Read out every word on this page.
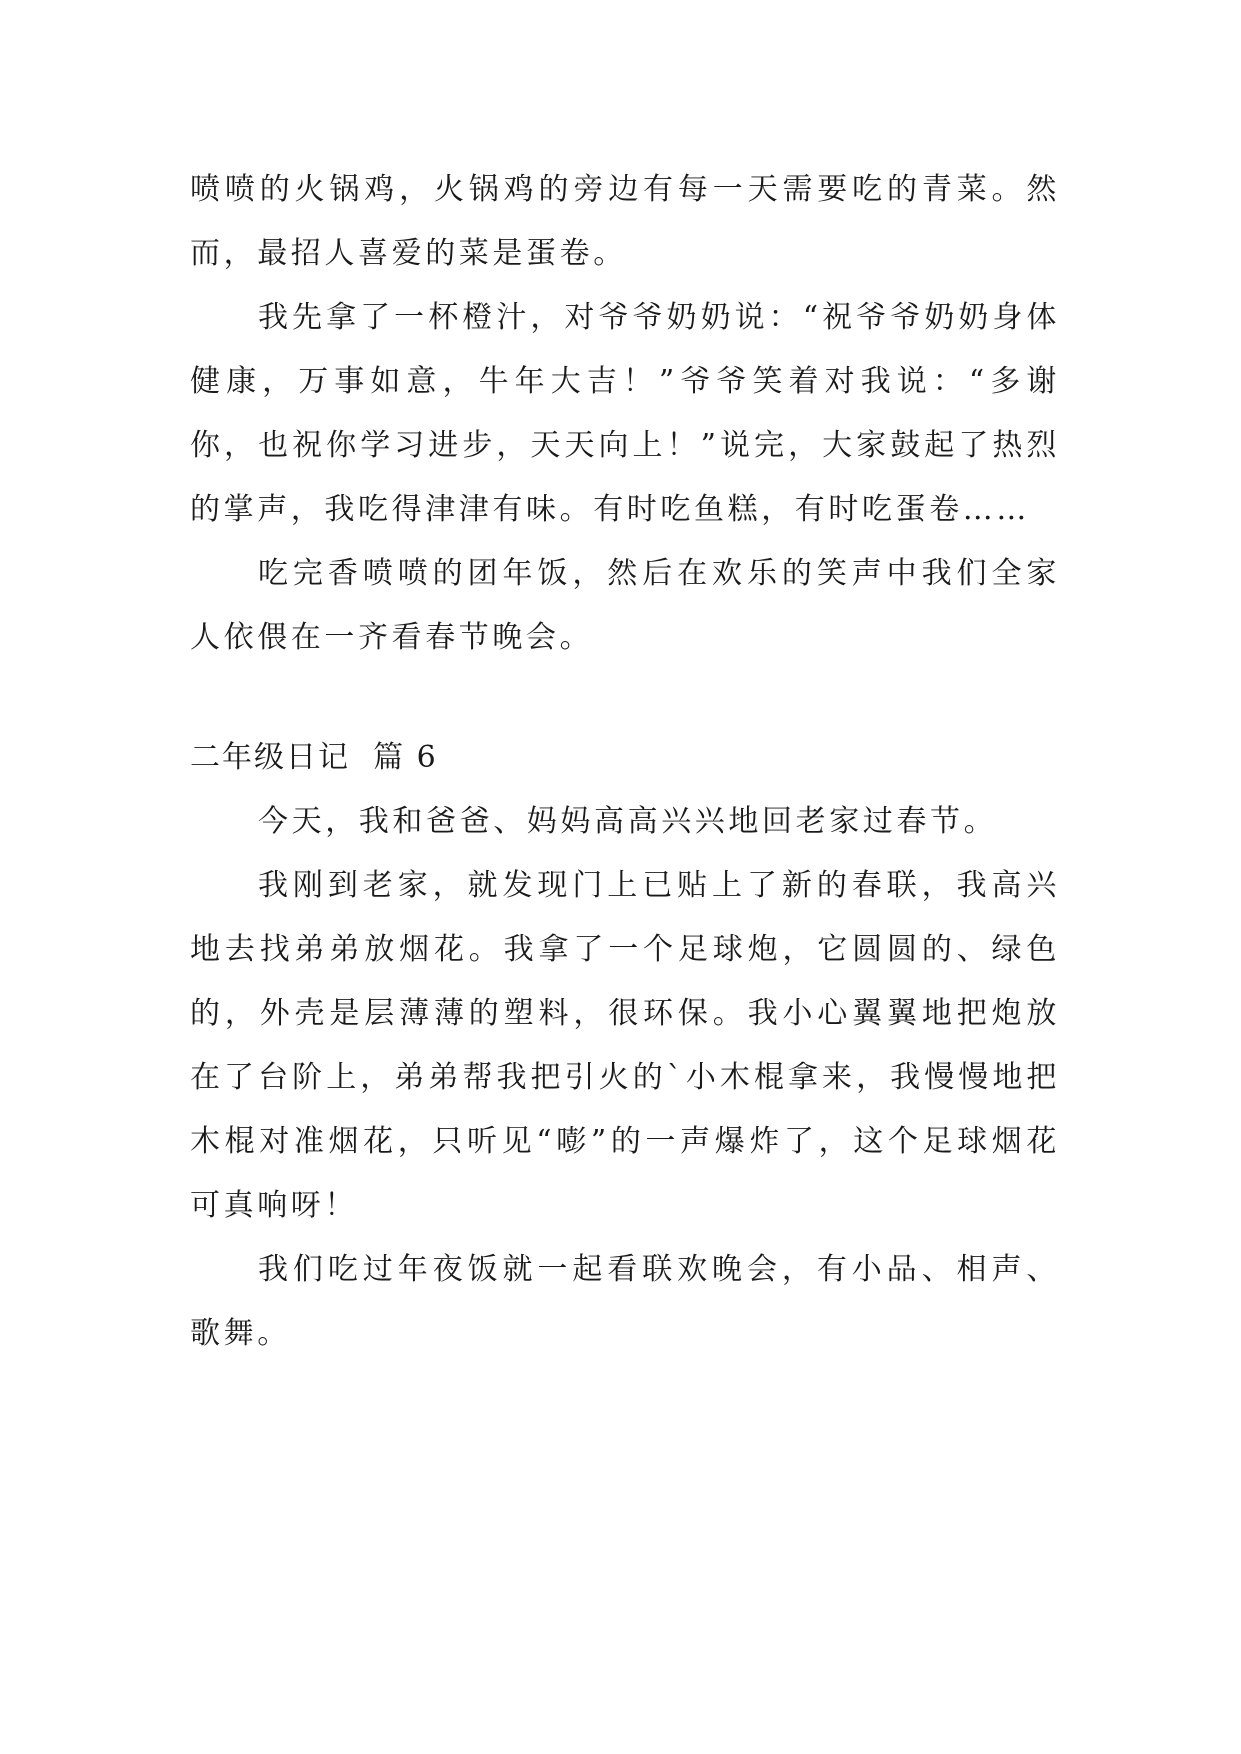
喷喷的火锅鸡，火锅鸡的旁边有每一天需要吃的青菜。然而，最招人喜爱的菜是蛋卷。

我先拿了一杯橙汁，对爷爷奶奶说：“祝爷爷奶奶身体健康，万事如意，牛年大吉！”爷爷笑着对我说：“多谢你，也祝你学习进步，天天向上！”说完，大家鼓起了热烈的掌声，我吃得津津有味。有时吃鱼糕，有时吃蛋卷……

吃完香喷喷的团年饭，然后在欢乐的笑声中我们全家人依偎在一齐看春节晚会。

二年级日记  篇 6

今天，我和爸爸、妈妈高高兴兴地回老家过春节。

我刚到老家，就发现门上已贴上了新的春联，我高兴地去找弟弟放烟花。我拿了一个足球炮，它圆圆的、绿色的，外壳是层薄薄的塑料，很环保。我小心翼翼地把炮放在了台阶上，弟弟帮我把引火的`小木棍拿来，我慢慢地把木棍对准烟花，只听见“嘭”的一声爆炸了，这个足球烟花可真响呀！

我们吃过年夜饭就一起看联欢晚会，有小品、相声、歌舞。
